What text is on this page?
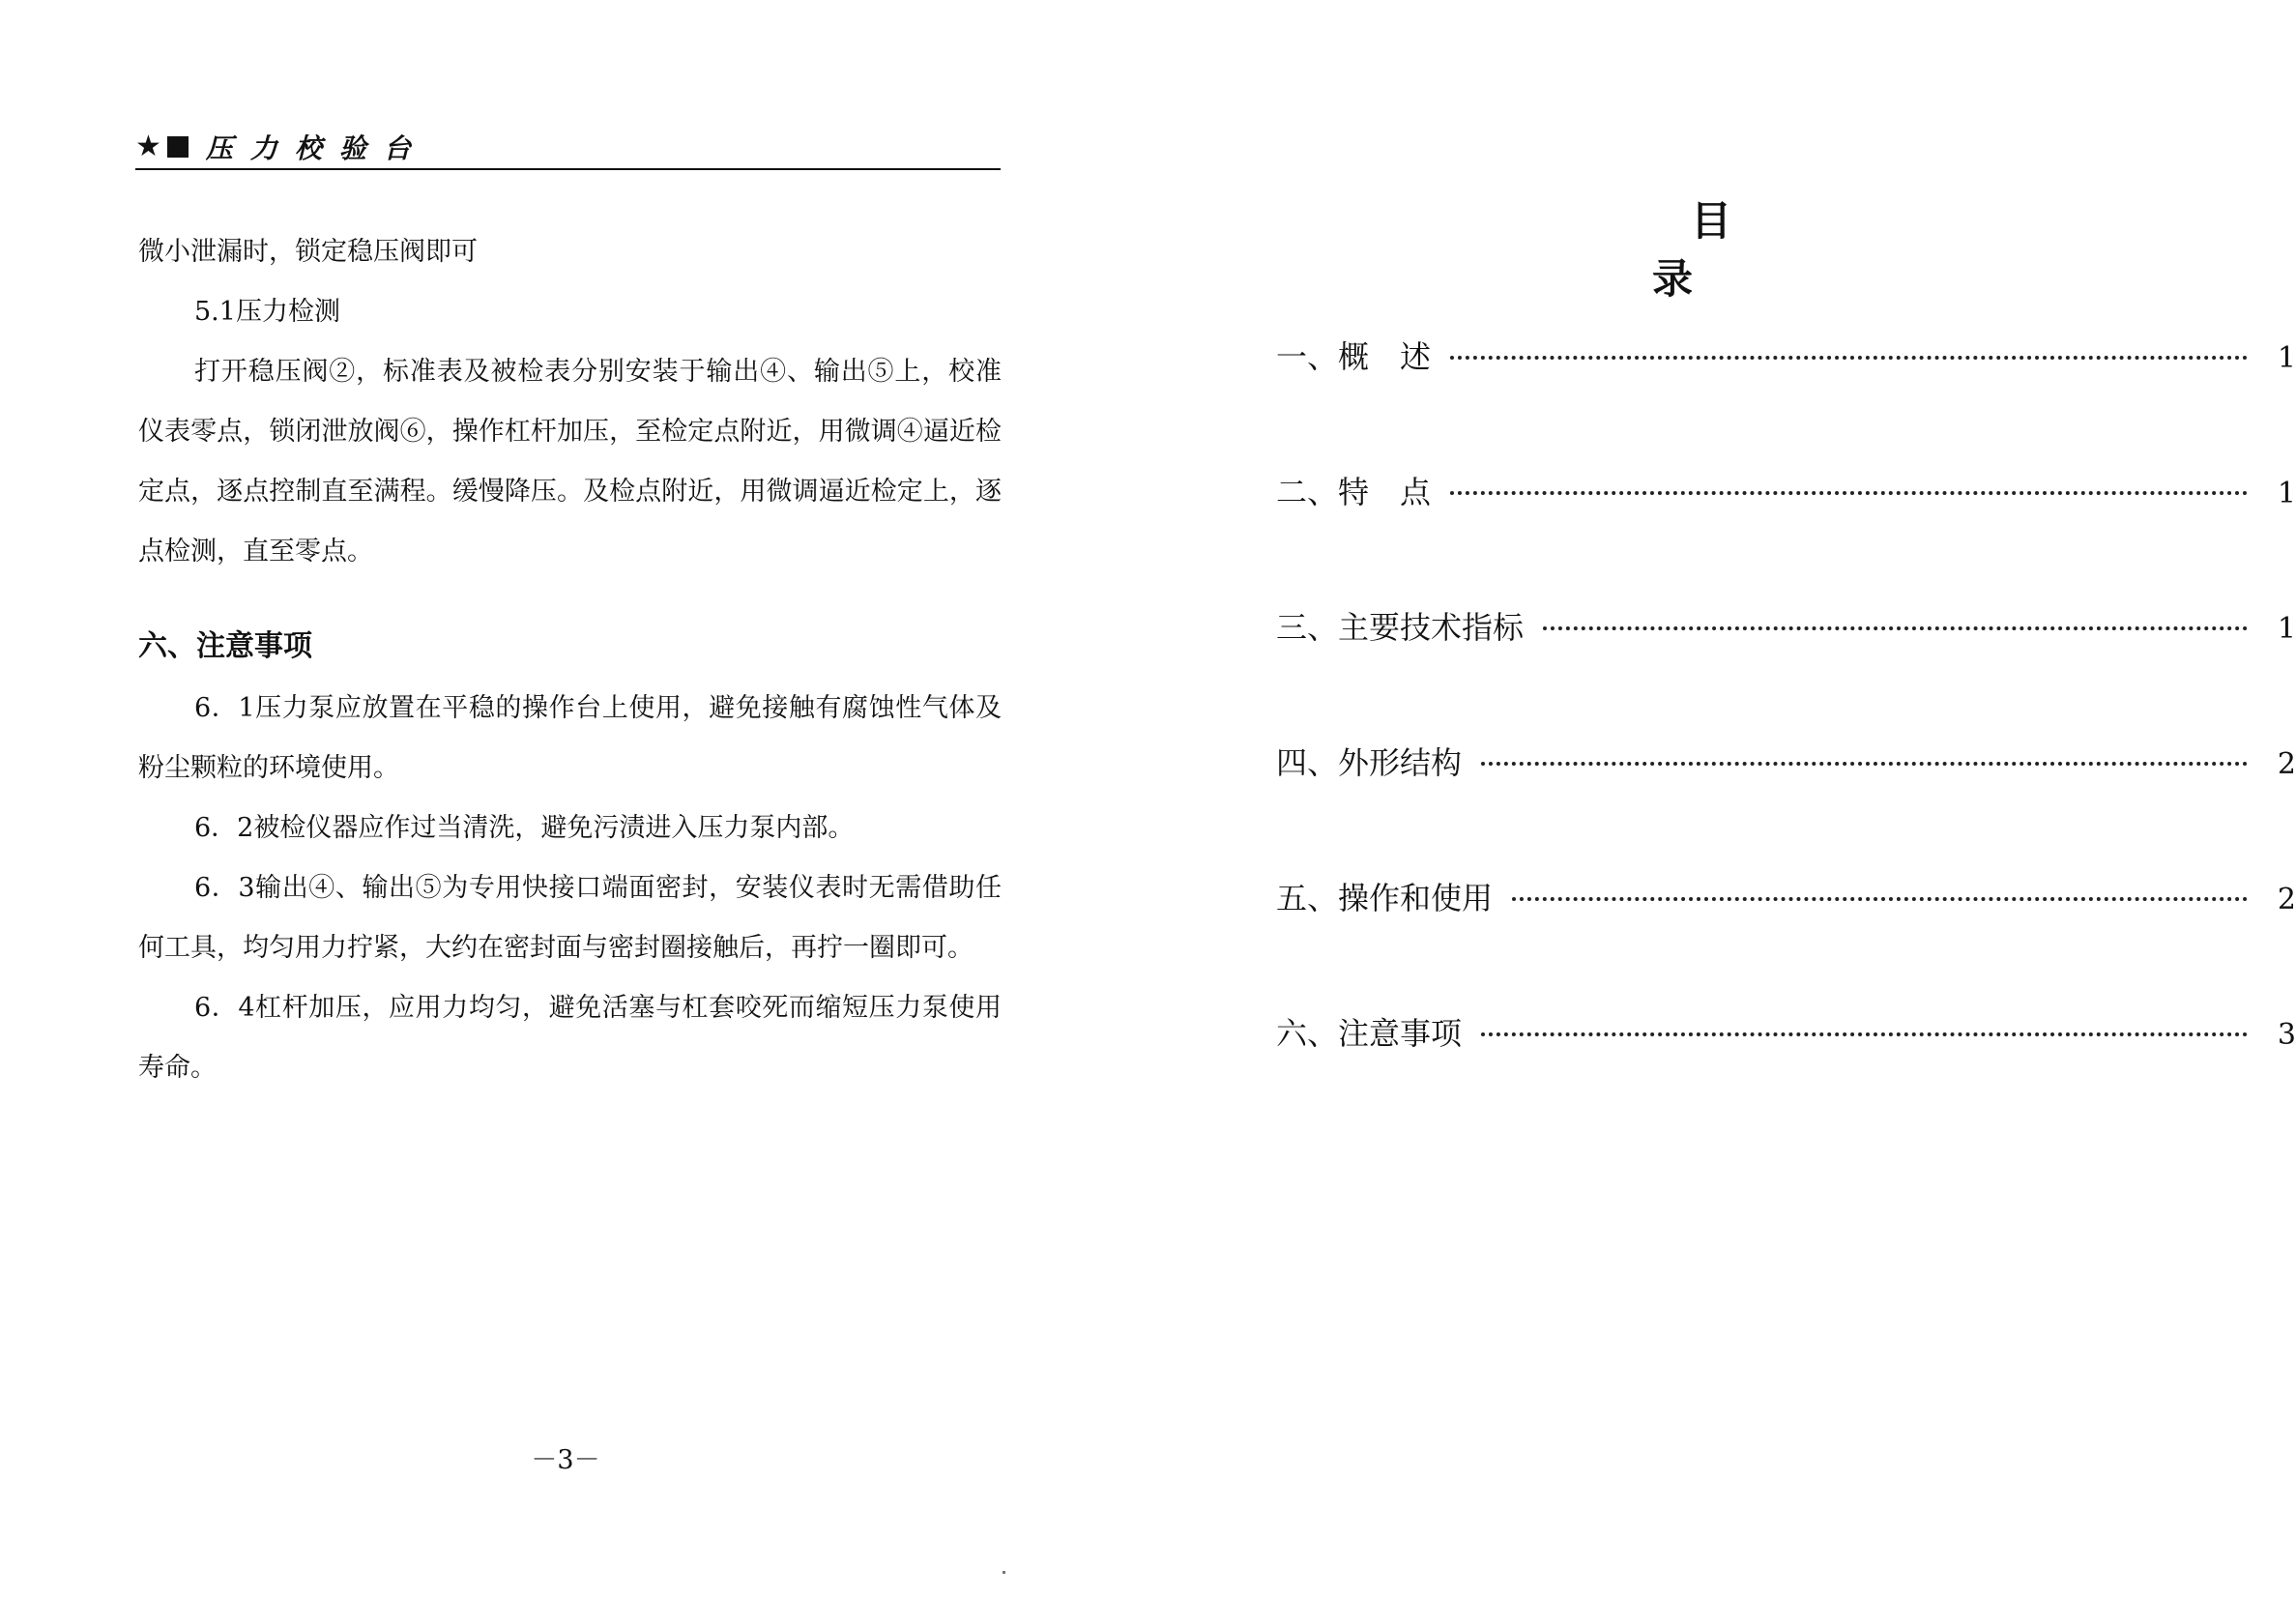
★ 压力校验台

微小泄漏时，锁定稳压阀即可

5.1压力检测

打开稳压阀②，标准表及被检表分别安装于输出④、输出⑤上，校准仪表零点，锁闭泄放阀⑥，操作杠杆加压，至检定点附近，用微调④逼近检定点，逐点控制直至满程。缓慢降压。及检点附近，用微调逼近检定上，逐点检测，直至零点。

六、注意事项

6．1压力泵应放置在平稳的操作台上使用，避免接触有腐蚀性气体及粉尘颗粒的环境使用。

6．2被检仪器应作过当清洗，避免污渍进入压力泵内部。

6．3输出④、输出⑤为专用快接口端面密封，安装仪表时无需借助任何工具，均匀用力拧紧，大约在密封面与密封圈接触后，再拧一圈即可。

6．4杠杆加压，应用力均匀，避免活塞与杠套咬死而缩短压力泵使用寿命。

－3－
目录
一、概　述	1
二、特　点	1
三、主要技术指标	1
四、外形结构	2
五、操作和使用	2
六、注意事项	3
